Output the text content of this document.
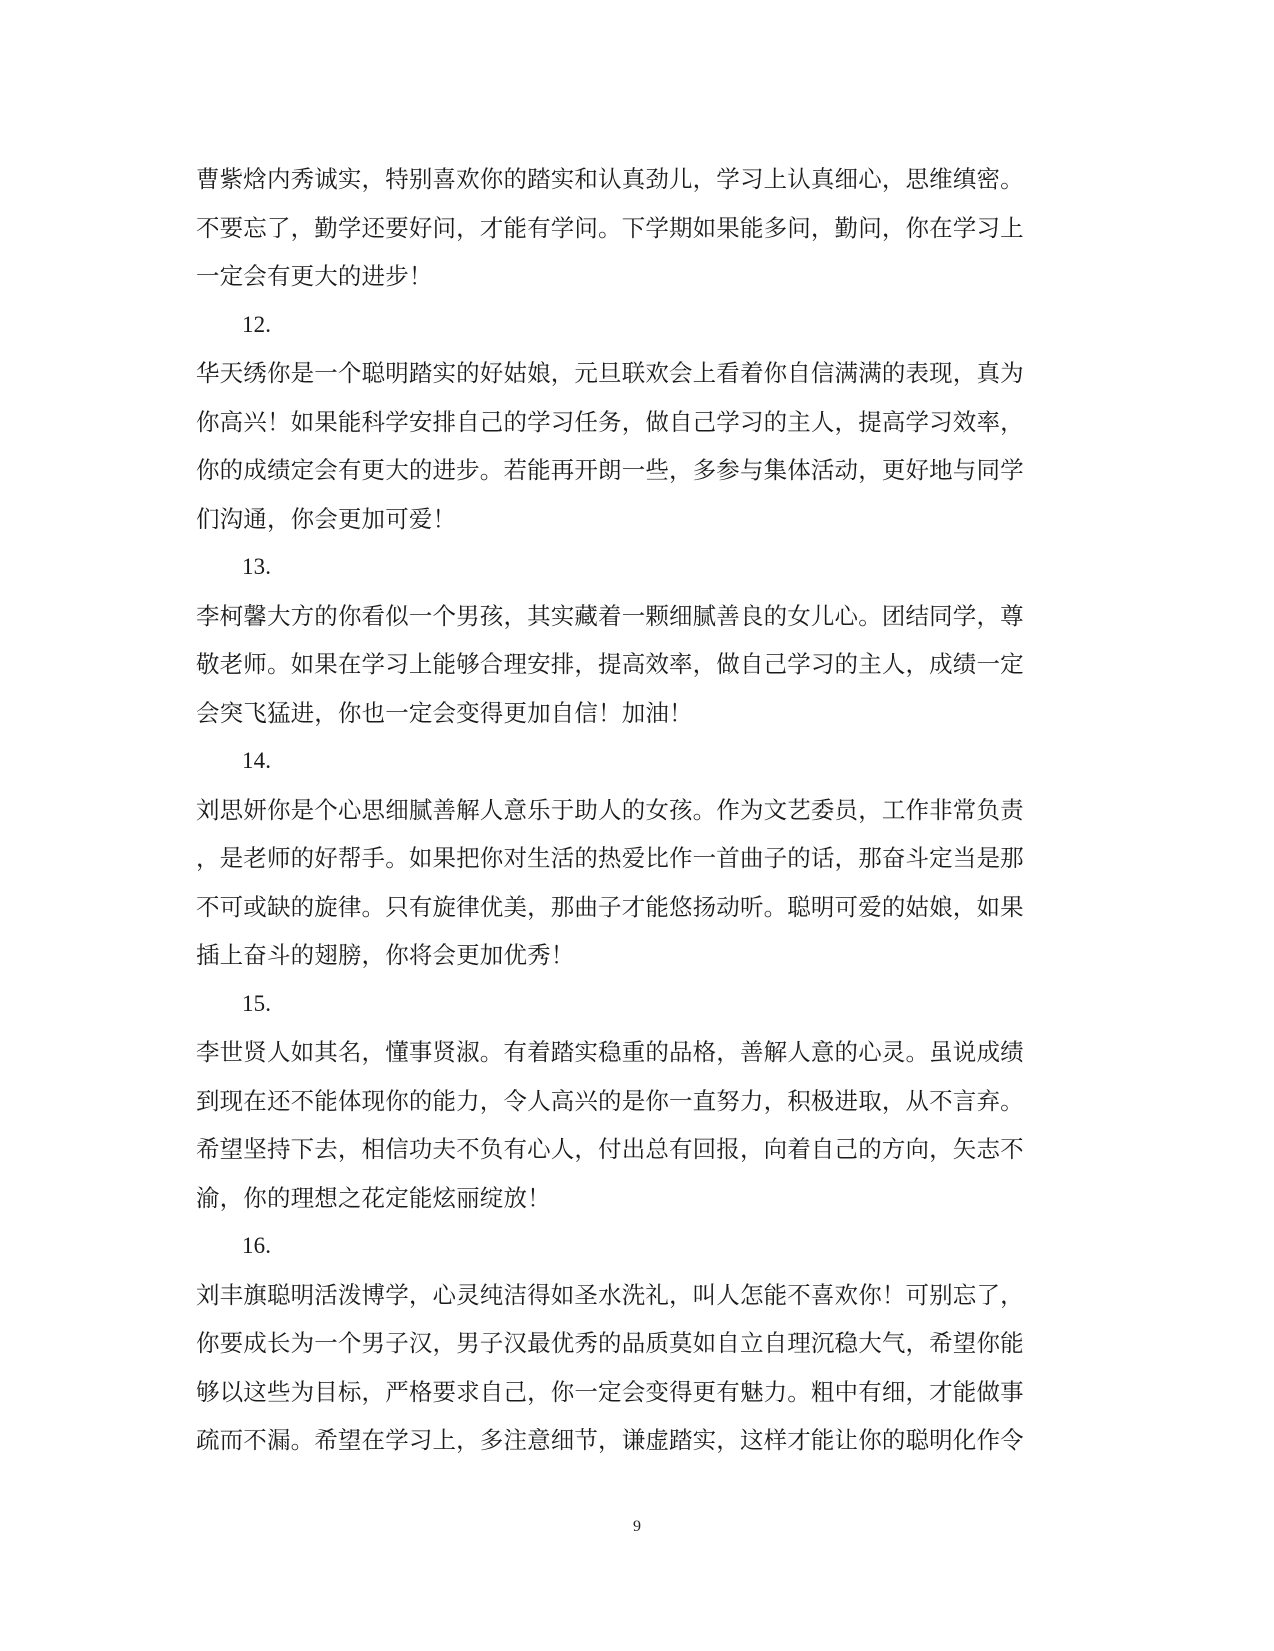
曹紫焓内秀诚实，特别喜欢你的踏实和认真劲儿，学习上认真细心，思维缜密。
不要忘了，勤学还要好问，才能有学问。下学期如果能多问，勤问，你在学习上
一定会有更大的进步！
12.
华天绣你是一个聪明踏实的好姑娘，元旦联欢会上看着你自信满满的表现，真为
你高兴！如果能科学安排自己的学习任务，做自己学习的主人，提高学习效率，
你的成绩定会有更大的进步。若能再开朗一些，多参与集体活动，更好地与同学
们沟通，你会更加可爱！
13.
李柯馨大方的你看似一个男孩，其实藏着一颗细腻善良的女儿心。团结同学，尊
敬老师。如果在学习上能够合理安排，提高效率，做自己学习的主人，成绩一定
会突飞猛进，你也一定会变得更加自信！加油！
14.
刘思妍你是个心思细腻善解人意乐于助人的女孩。作为文艺委员，工作非常负责
，是老师的好帮手。如果把你对生活的热爱比作一首曲子的话，那奋斗定当是那
不可或缺的旋律。只有旋律优美，那曲子才能悠扬动听。聪明可爱的姑娘，如果
插上奋斗的翅膀，你将会更加优秀！
15.
李世贤人如其名，懂事贤淑。有着踏实稳重的品格，善解人意的心灵。虽说成绩
到现在还不能体现你的能力，令人高兴的是你一直努力，积极进取，从不言弃。
希望坚持下去，相信功夫不负有心人，付出总有回报，向着自己的方向，矢志不
渝，你的理想之花定能炫丽绽放！
16.
刘丰旗聪明活泼博学，心灵纯洁得如圣水洗礼，叫人怎能不喜欢你！可别忘了，
你要成长为一个男子汉，男子汉最优秀的品质莫如自立自理沉稳大气，希望你能
够以这些为目标，严格要求自己，你一定会变得更有魅力。粗中有细，才能做事
疏而不漏。希望在学习上，多注意细节，谦虚踏实，这样才能让你的聪明化作令
9
